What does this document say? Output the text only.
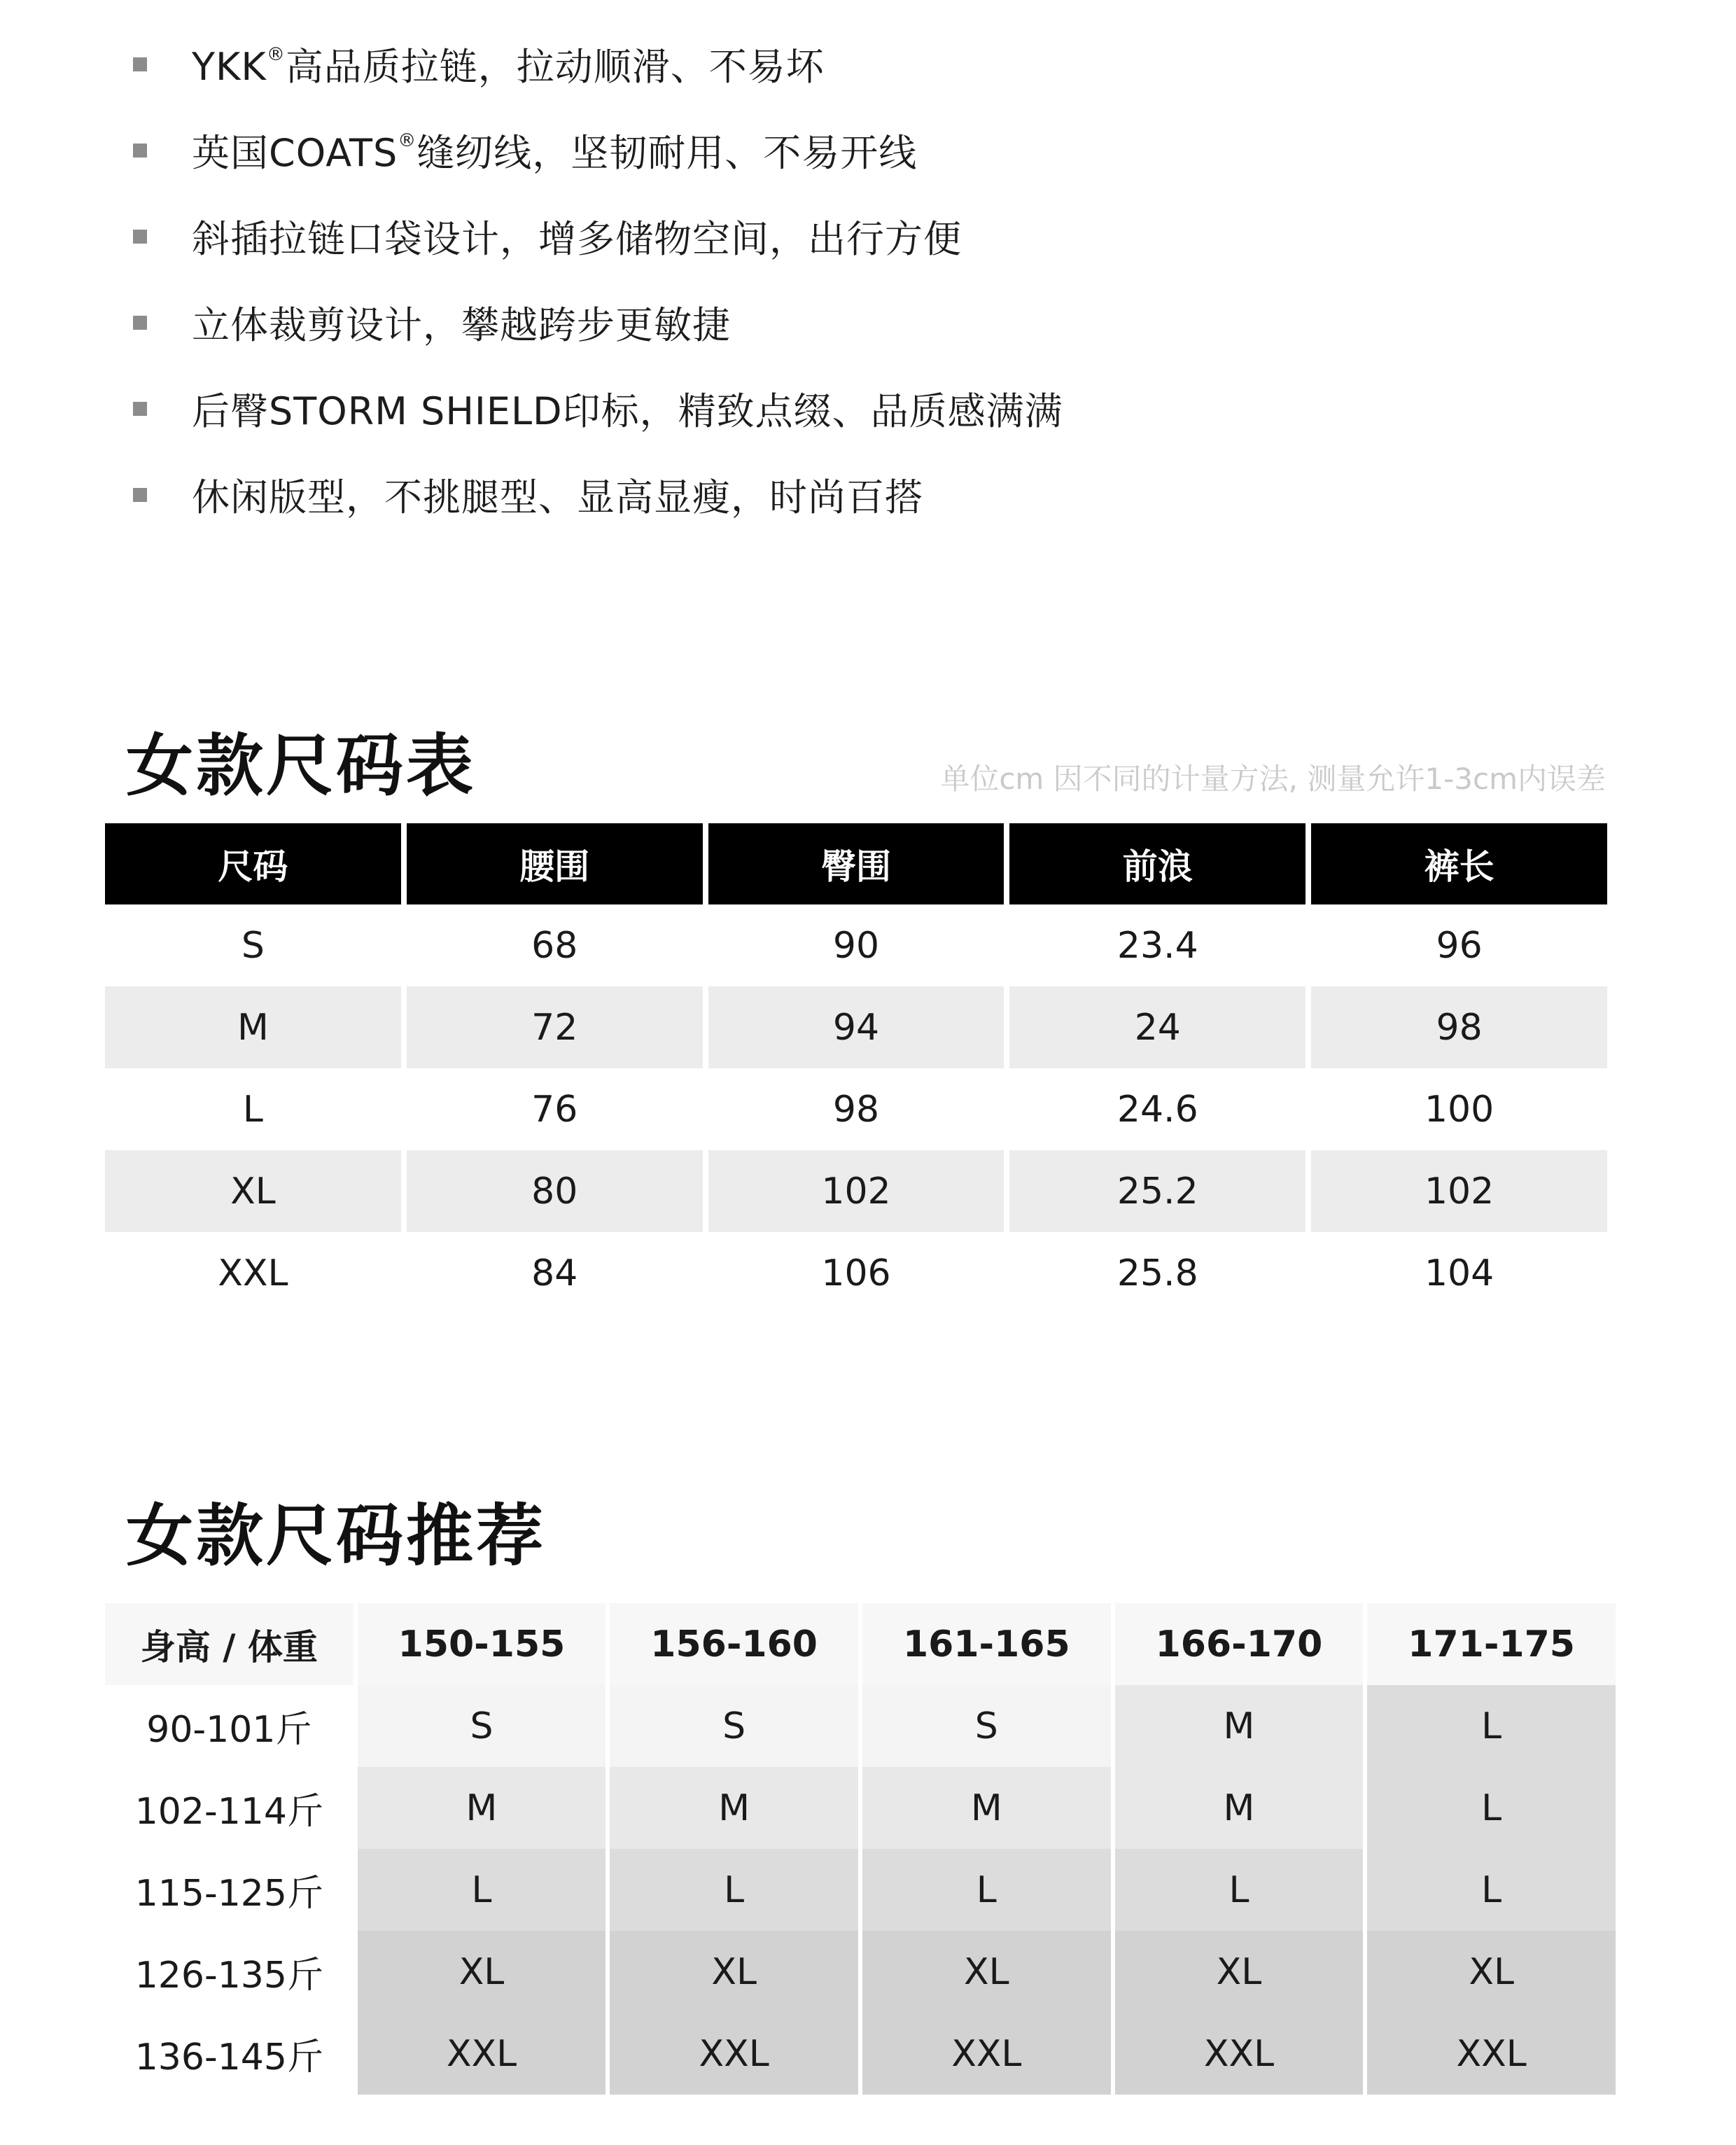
YKK®高品质拉链，拉动顺滑、不易坏
英国COATS®缝纫线，坚韧耐用、不易开线
斜插拉链口袋设计，增多储物空间，出行方便
立体裁剪设计，攀越跨步更敏捷
后臀STORM SHIELD印标，精致点缀、品质感满满
休闲版型，不挑腿型、显高显瘦，时尚百搭
女款尺码表	单位cm 因不同的计量方法, 测量允许1-3cm内误差
尺码	腰围	臀围	前浪	裤长
S	68	90	23.4	96
M	72	94	24	98
L	76	98	24.6	100
XL	80	102	25.2	102
XXL	84	106	25.8	104
女款尺码推荐
身高 / 体重	150-155	156-160	161-165	166-170	171-175
90-101斤	S	S	S	M	L
102-114斤	M	M	M	M	L
115-125斤	L	L	L	L	L
126-135斤	XL	XL	XL	XL	XL
136-145斤	XXL	XXL	XXL	XXL	XXL
